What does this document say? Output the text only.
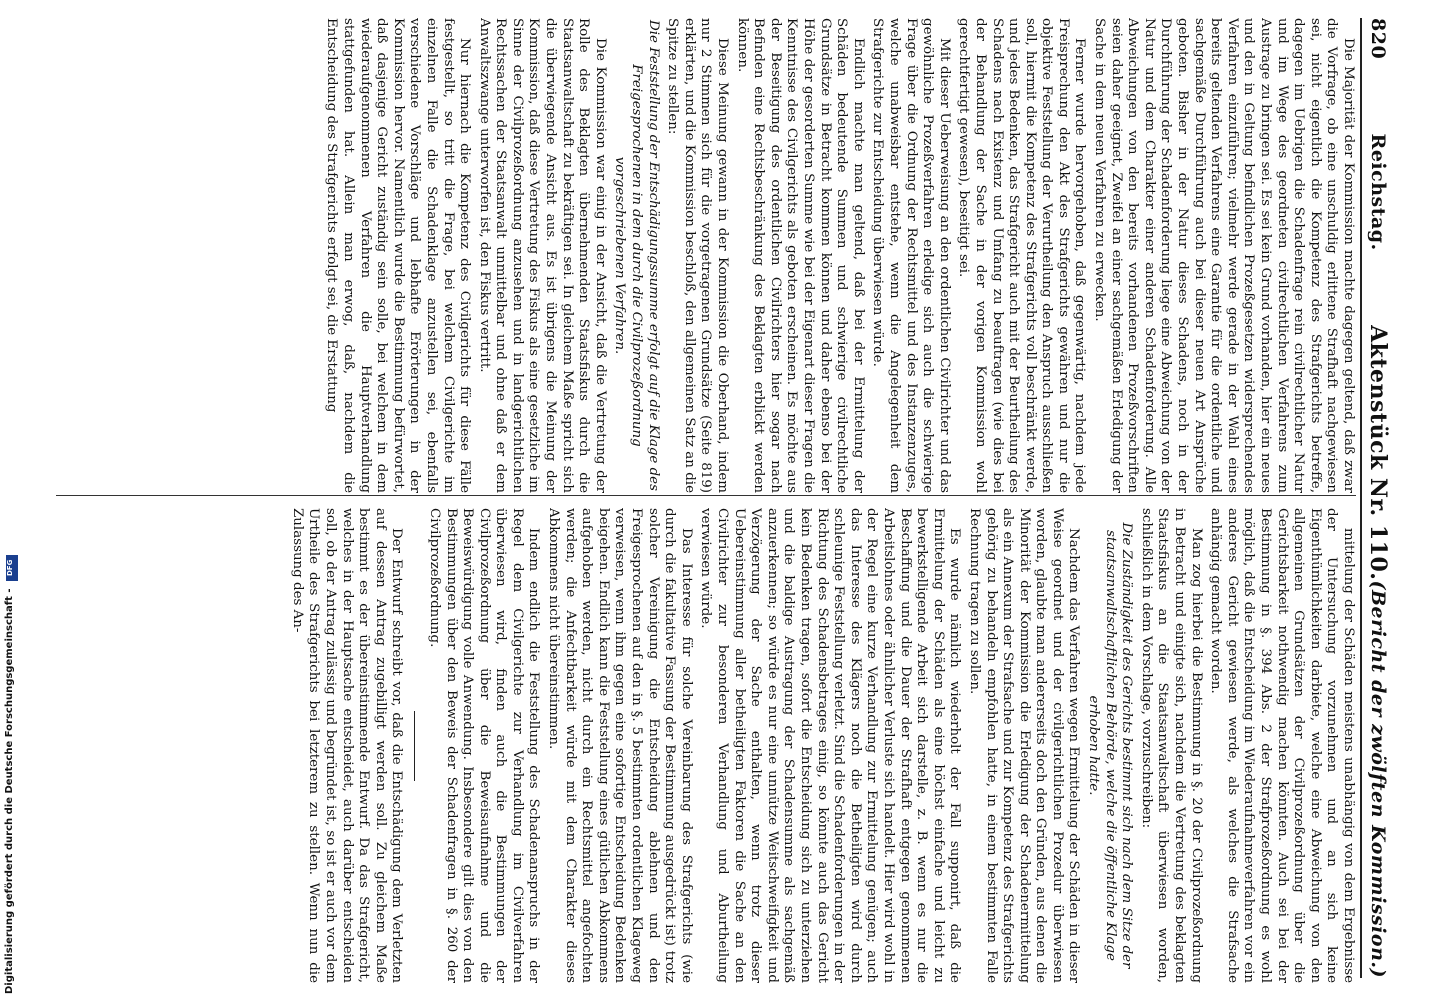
Digitalisierung gefördert durch die Deutsche Forschungsgemeinschaft - DFG
820
Reichstag.
Aktenstück Nr. 110.
(Bericht der zwölften Kommission.)

Die Majorität der Kommission machte dagegen geltend, daß zwar die Vorfrage, ob eine unschuldig erlittene Strafhaft nachgewiesen sei, nicht eigentlich die Kompetenz des Strafgerichts betreffe, dagegen im Uebrigen die Schadenfrage rein civilrechtlicher Natur und im Wege des geordneten civilrechtlichen Verfahrens zum Austrage zu bringen sei. Es sei kein Grund vorhanden, hier ein neues und den in Geltung befindlichen Prozeßgesetzen widersprechendes Verfahren einzuführen; vielmehr werde gerade in der Wahl eines bereits geltenden Verfahrens eine Garantie für die ordentliche und sachgemäße Durchführung auch bei dieser neuen Art Ansprüche geboten. Bisher in der Natur dieses Schadens, noch in der Durchführung der Schadenforderung liege eine Abweichung von der Natur und dem Charakter einer anderen Schadenforderung. Alle Abweichungen von den bereits vorhandenen Prozeßvorschriften seien daher geeignet, Zweifel an einer sachgemäßen Erledigung der Sache in dem neuen Verfahren zu erwecken.

Ferner wurde hervorgehoben, daß gegenwärtig, nachdem jede Freisprechung den Akt des Strafgerichts gewähren und nur die objektive Feststellung der Verurtheilung den Anspruch ausschließen soll, hiermit die Kompetenz des Strafgerichts voll beschränkt werde, und jedes Bedenken, das Strafgericht auch mit der Beurtheilung des Schadens nach Existenz und Umfang zu beauftragen (wie dies bei der Behandlung der Sache in der vorigen Kommission wohl gerechtfertigt gewesen), beseitigt sei.

Mit dieser Ueberweisung an den ordentlichen Civilrichter und das gewöhnliche Prozeßverfahren erledige sich auch die schwierige Frage über die Ordnung der Rechtsmittel und des Instanzenzuges, welche unabweisbar entstehe, wenn die Angelegenheit dem Strafgerichte zur Entscheidung überwiesen würde.

Endlich machte man geltend, daß bei der Ermittelung der Schäden bedeutende Summen und schwierige civilrechtliche Grundsätze in Betracht kommen können und daher ebenso bei der Höhe der gesorderten Summe wie bei der Eigenart dieser Fragen die Kenntnisse des Civilgerichts als geboten erscheinen. Es möchte aus der Beseitigung des ordentlichen Civilrichters hier sogar nach Befinden eine Rechtsbeschränkung des Beklagten erblickt werden können.

Diese Meinung gewann in der Kommission die Oberhand, indem nur 2 Stimmen sich für die vorgetragenen Grundsätze (Seite 819) erklärten, und die Kommission beschloß, den allgemeinen Satz an die Spitze zu stellen:

Die Feststellung der Entschädigungssumme erfolgt auf die Klage des Freigesprochenen in dem durch die Civilprozeßordnung vorgeschriebenen Verfahren.

Die Kommission war einig in der Ansicht, daß die Vertretung der Rolle des Beklagten übernehmenden Staatsfiskus durch die Staatsanwaltschaft zu bekräftigen sei. In gleichem Maße spricht sich die überwiegende Ansicht aus. Es ist übrigens die Meinung der Kommission, daß diese Vertretung des Fiskus als eine gesetzliche im Sinne der Civilprozeßordnung anzusehen und in landgerichtlichen Rechtssachen der Staatsanwalt unmittelbar und ohne daß er dem Anwaltszwange unterworfen ist, den Fiskus vertritt.

Nur hiernach die Kompetenz des Civilgerichts für diese Fälle festgestellt, so tritt die Frage, bei welchem Civilgerichte im einzelnen Falle die Schadenklage anzustellen sei, ebenfalls verschiedene Vorschläge und lebhafte Erörterungen in der Kommission hervor. Namentlich wurde die Bestimmung befürwortet, daß dasjenige Gericht zuständig sein solle, bei welchem in dem wiederaufgenommenen Verfahren die Hauptverhandlung stattgefunden hat. Allein man erwog, daß, nachdem die Entscheidung des Strafgerichts erfolgt sei, die Erstattung

mittelung der Schäden meistens unabhängig von dem Ergebnisse der Untersuchung vorzunehmen und an sich keine Eigenthümlichkeiten darbiete, welche eine Abweichung von den allgemeinen Grundsätzen der Civilprozeßordnung über die Gerichtsbarkeit nothwendig machen könnten. Auch sei bei der Bestimmung in §. 394 Abs. 2 der Strafprozeßordnung es wohl möglich, daß die Entscheidung im Wiederaufnahmeverfahren vor ein anderes Gericht gewiesen werde, als welches die Strafsache anhängig gemacht worden.

Man zog hierbei die Bestimmung in §. 20 der Civilprozeßordnung in Betracht und einigte sich, nachdem die Vertretung des beklagten Staatsfiskus an die Staatsanwaltschaft überwiesen worden, schließlich in dem Vorschlage, vorzuschreiben:

Die Zuständigkeit des Gerichts bestimmt sich nach dem Sitze der staatsanwaltschaftlichen Behörde, welche die öffentliche Klage erhoben hatte.

Nachdem das Verfahren wegen Ermittelung der Schäden in dieser Weise geordnet und der civilgerichtlichen Prozedur überwiesen worden, glaubte man andererseits doch den Gründen, aus denen die Minorität der Kommission die Erledigung der Schadenermittelung als ein Annexum der Strafsache und zur Kompetenz des Strafgerichts gehörig zu behandeln empfohlen hatte, in einem bestimmten Falle Rechnung tragen zu sollen.

Es wurde nämlich wiederholt der Fall supponirt, daß die Ermittelung der Schäden als eine höchst einfache und leicht zu bewerkstelligende Arbeit sich darstelle, z. B. wenn es nur die Beschaffung und die Dauer der Strafhaft entgegen genommenen Arbeitslohnes oder ähnlicher Verluste sich handelt. Hier wird wohl in der Regel eine kurze Verhandlung zur Ermittelung genügen; auch das Interesse des Klägers noch die Betheiligten wird durch schleunige Feststellung verletzt. Sind die Schadenforderungen in der Richtung des Schadensbetrages einig, so könnte auch das Gericht kein Bedenken tragen, sofort die Entscheidung sich zu unterziehen und die baldige Austragung der Schadensumme als sachgemäß anzuerkennen; so würde es nur eine unnütze Weitschweifigkeit und Verzögerung der Sache enthalten, wenn trotz dieser Uebereinstimmung aller betheiligten Faktoren die Sache an den Civilrichter zur besonderen Verhandlung und Aburtheilung verwiesen würde.

Das Interesse für solche Vereinbarung des Strafgerichts (wie durch die fakultative Fassung der Bestimmung ausgedrückt ist) trotz solcher Vereinigung die Entscheidung ablehnen und den Freigesprochenen auf den in §. 5 bestimmten ordentlichen Klageweg verweisen, wenn ihm gegen eine sofortige Entscheidung Bedenken beigehen. Endlich kann die Feststellung eines gütlichen Abkommens aufgehoben werden, nicht durch ein Rechtsmittel angefochten werden; die Anfechtbarkeit würde mit dem Charakter dieses Abkommens nicht übereinstimmen.

Indem endlich die Feststellung des Schadenanspruchs in der Regel dem Civilgerichte zur Verhandlung im Civilverfahren überwiesen wird, finden auch die Bestimmungen der Civilprozeßordnung über die Beweisaufnahme und die Beweiswürdigung volle Anwendung. Insbesondere gilt dies von den Bestimmungen über den Beweis der Schadenfragen in §. 260 der Civilprozeßordnung.

Der Entwurf schreibt vor, daß die Entschädigung dem Verletzten auf dessen Antrag zugebilligt werden soll. Zu gleichem Maße bestimmt es der übereinstimmende Entwurf. Da das Strafgericht, welches in der Hauptsache entscheidet, auch darüber entscheiden soll, ob der Antrag zulässig und begründet ist, so ist er auch vor dem Urtheile des Strafgerichts bei letzterem zu stellen. Wenn nun die Zulassung des An-
